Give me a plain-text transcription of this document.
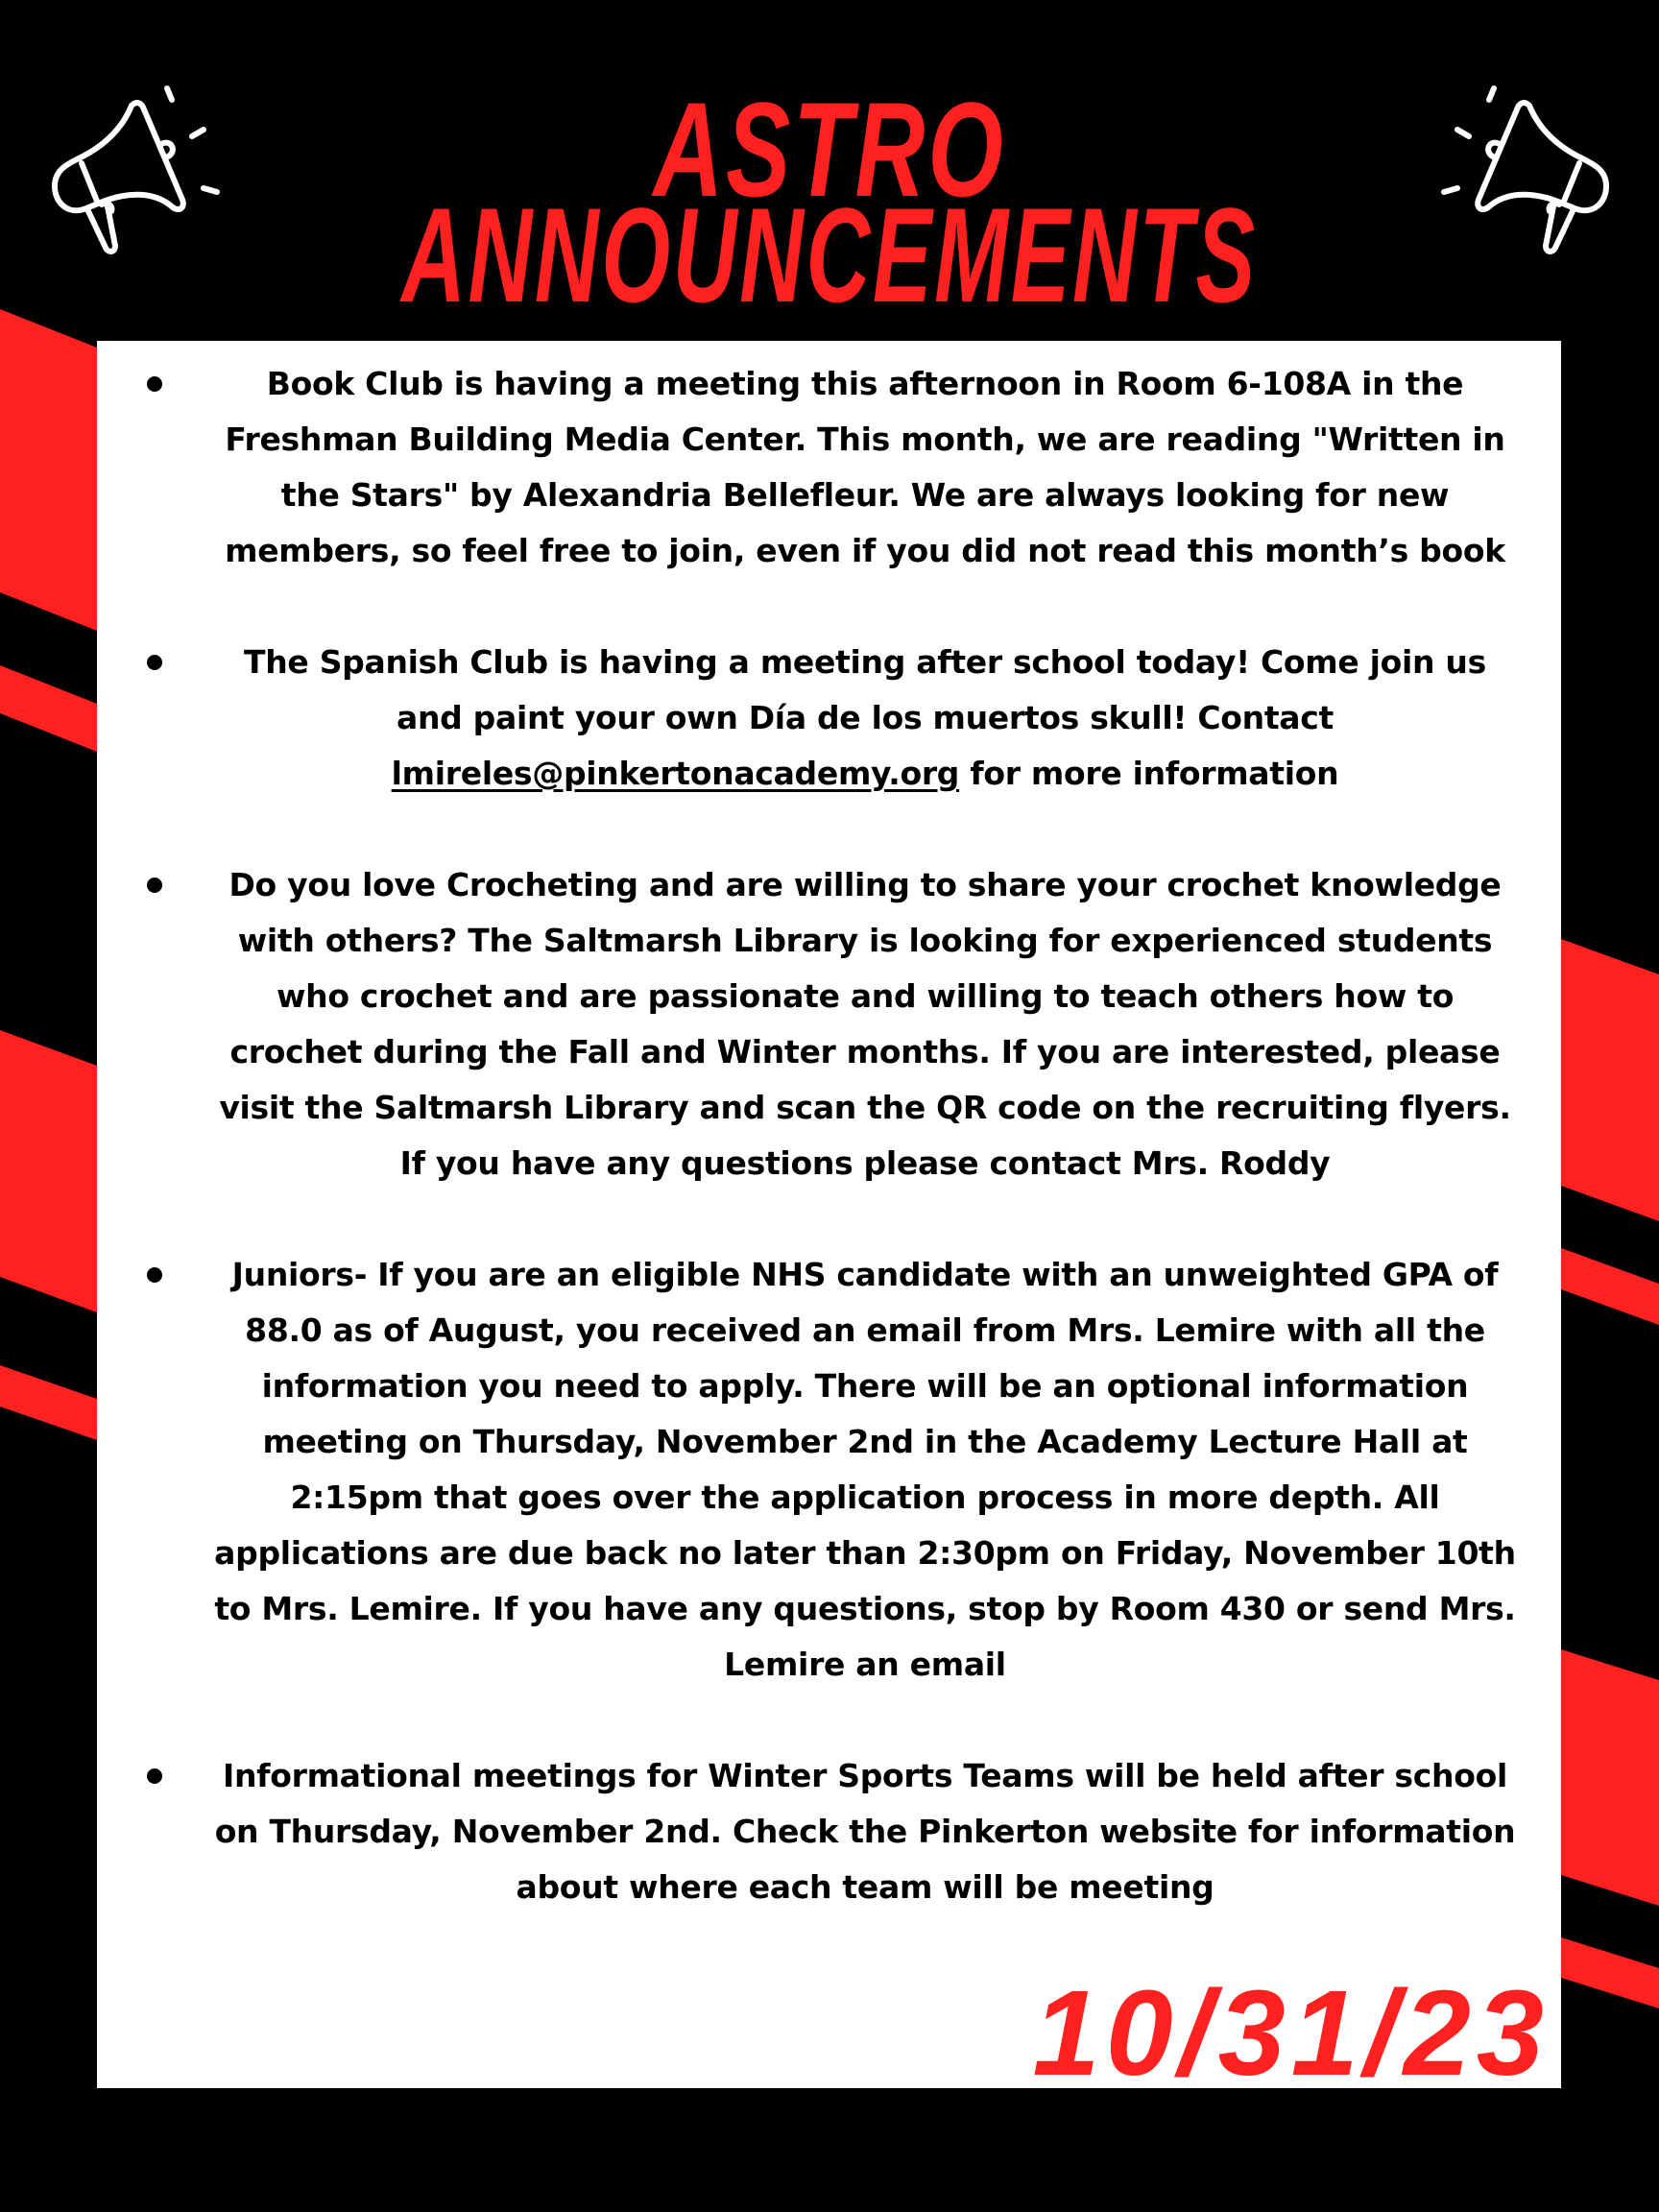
ASTRO
ANNOUNCEMENTS
Book Club is having a meeting this afternoon in Room 6-108A in the
Freshman Building Media Center. This month, we are reading "Written in
the Stars" by Alexandria Bellefleur. We are always looking for new
members, so feel free to join, even if you did not read this month’s book
The Spanish Club is having a meeting after school today! Come join us
and paint your own Día de los muertos skull! Contact
lmireles@pinkertonacademy.org for more information
Do you love Crocheting and are willing to share your crochet knowledge
with others? The Saltmarsh Library is looking for experienced students
who crochet and are passionate and willing to teach others how to
crochet during the Fall and Winter months. If you are interested, please
visit the Saltmarsh Library and scan the QR code on the recruiting flyers.
If you have any questions please contact Mrs. Roddy
Juniors- If you are an eligible NHS candidate with an unweighted GPA of
88.0 as of August, you received an email from Mrs. Lemire with all the
information you need to apply. There will be an optional information
meeting on Thursday, November 2nd in the Academy Lecture Hall at
2:15pm that goes over the application process in more depth. All
applications are due back no later than 2:30pm on Friday, November 10th
to Mrs. Lemire. If you have any questions, stop by Room 430 or send Mrs.
Lemire an email
Informational meetings for Winter Sports Teams will be held after school
on Thursday, November 2nd. Check the Pinkerton website for information
about where each team will be meeting
10/31/23
